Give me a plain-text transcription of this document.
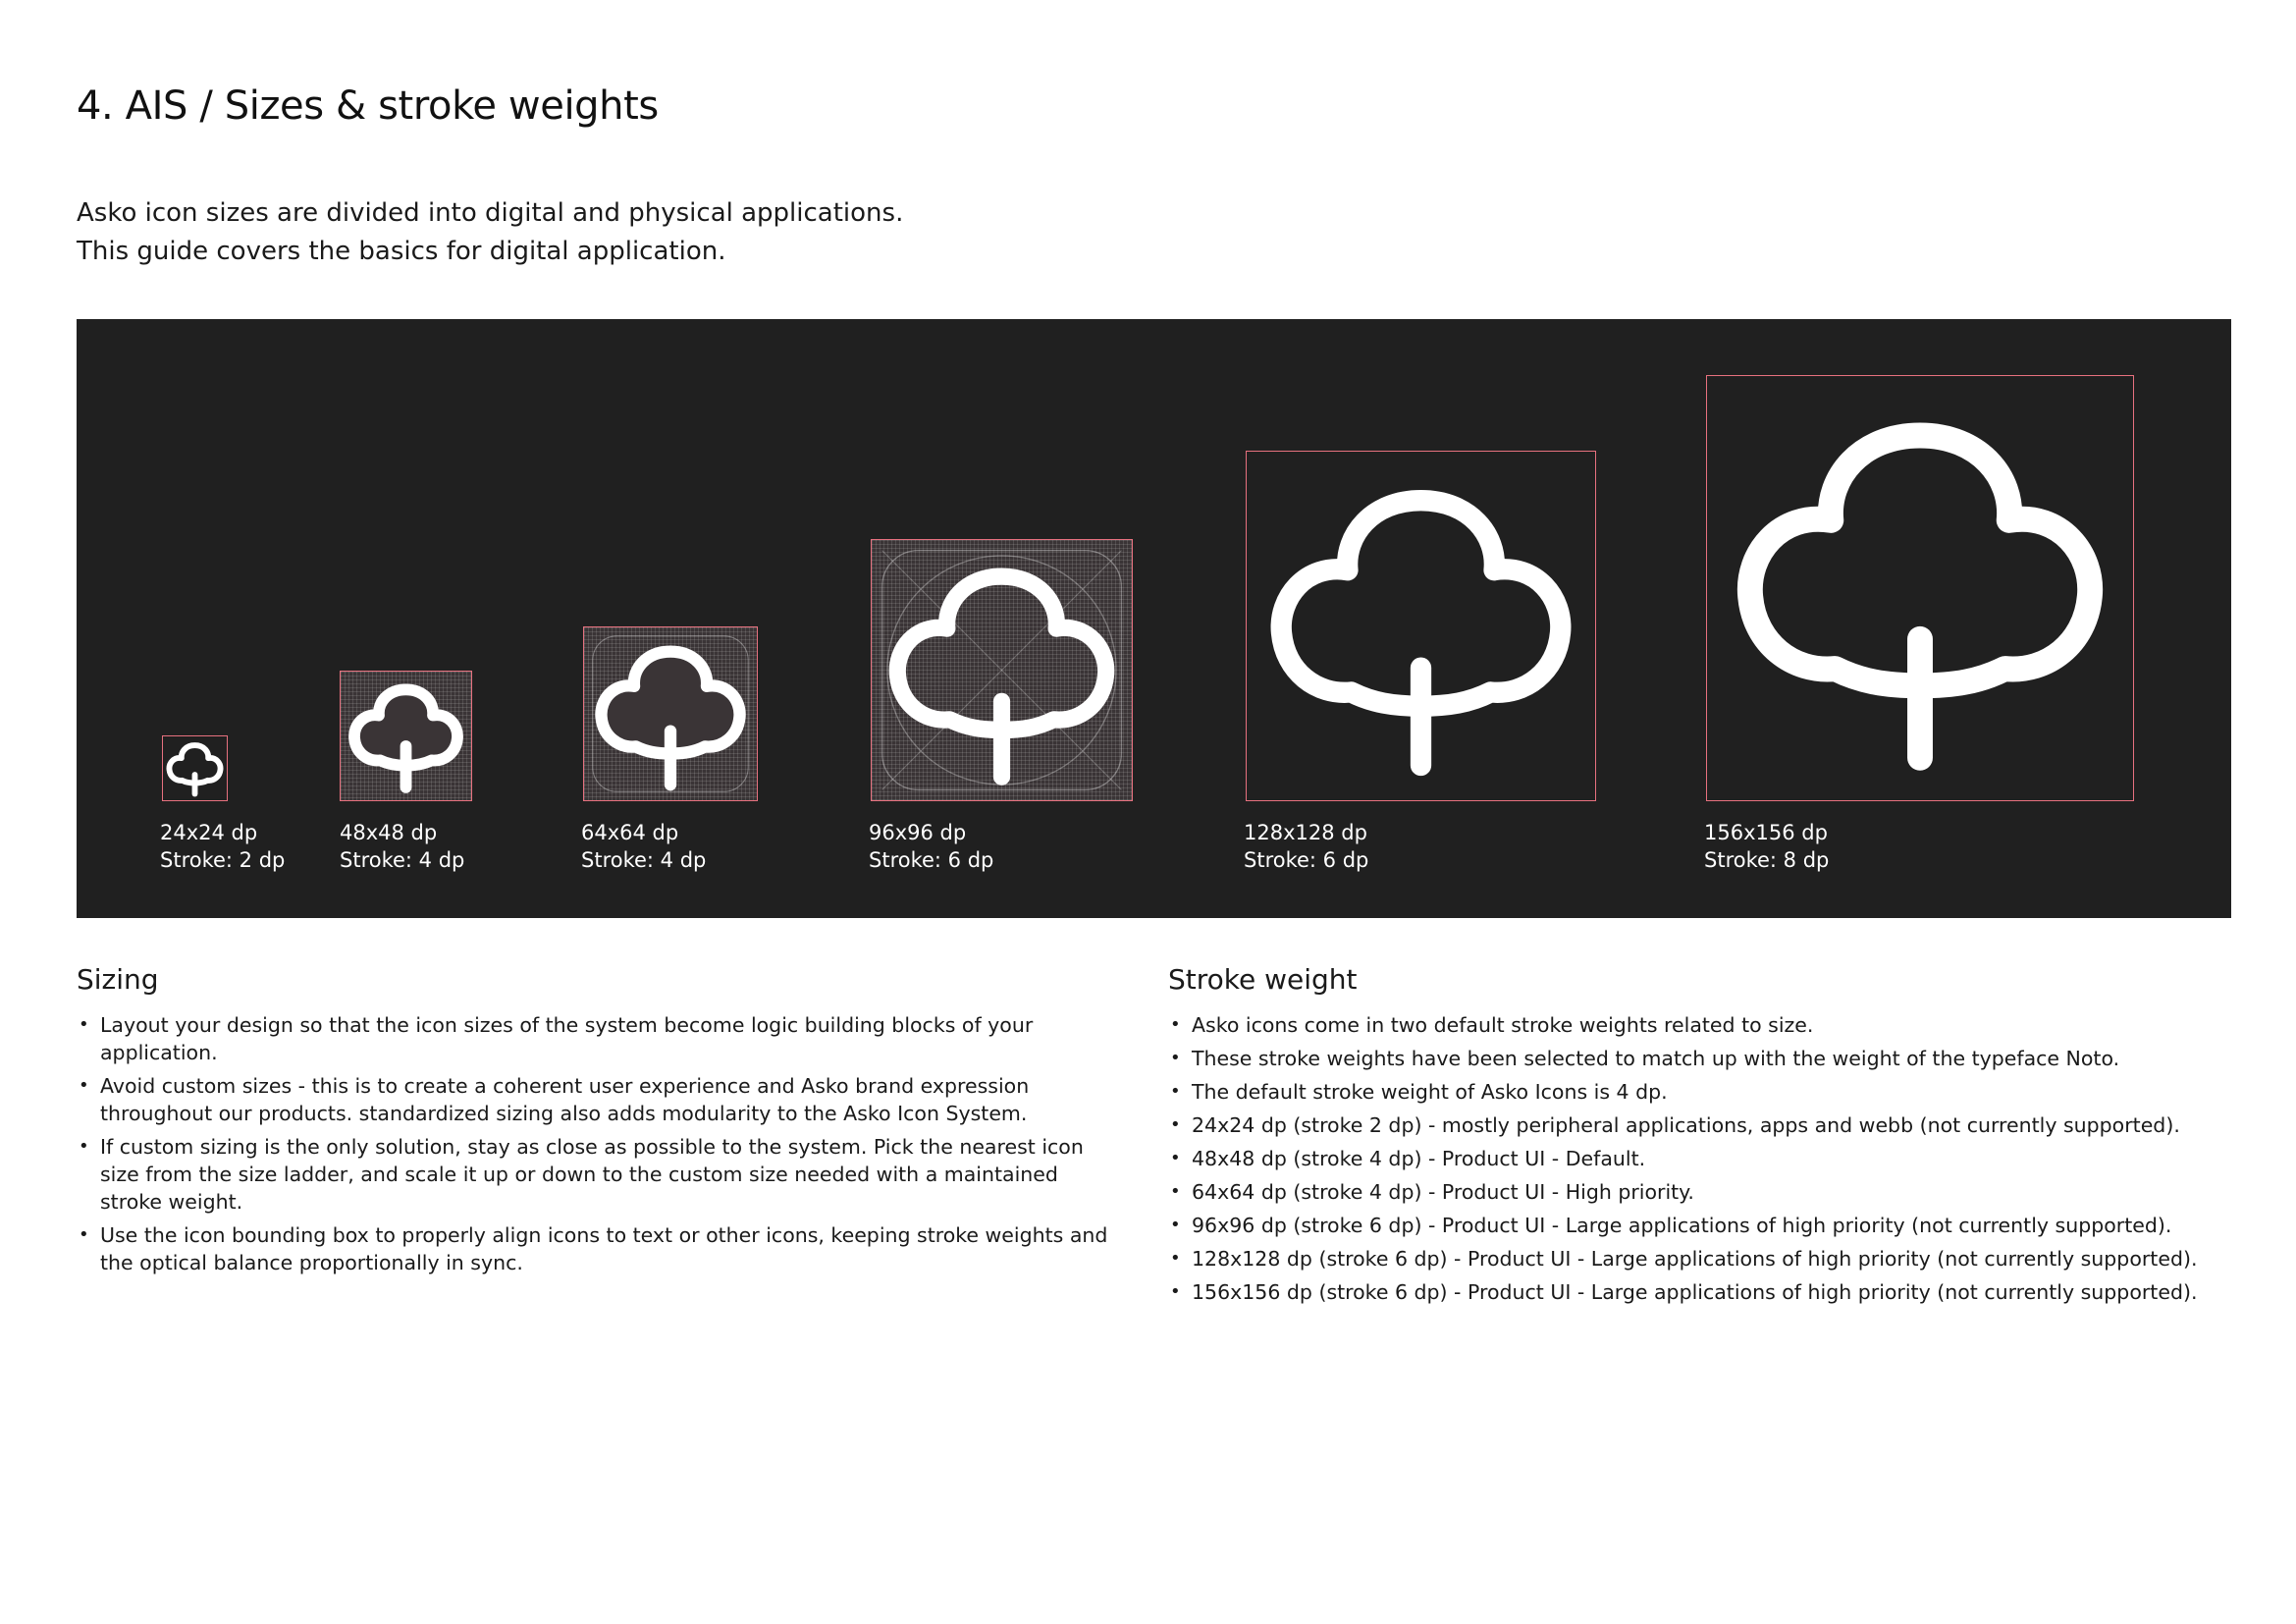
4. AIS / Sizes & stroke weights
Asko icon sizes are divided into digital and physical applications.
This guide covers the basics for digital application.
24x24 dp
Stroke: 2 dp
48x48 dp
Stroke: 4 dp
64x64 dp
Stroke: 4 dp
96x96 dp
Stroke: 6 dp
128x128 dp
Stroke: 6 dp
156x156 dp
Stroke: 8 dp
Sizing
• Layout your design so that the icon sizes of the system become logic building blocks of your application.
• Avoid custom sizes - this is to create a coherent user experience and Asko brand expression throughout our products. standardized sizing also adds modularity to the Asko Icon System.
• If custom sizing is the only solution, stay as close as possible to the system. Pick the nearest icon size from the size ladder, and scale it up or down to the custom size needed with a maintained stroke weight.
• Use the icon bounding box to properly align icons to text or other icons, keeping stroke weights and the optical balance proportionally in sync.
Stroke weight
• Asko icons come in two default stroke weights related to size.
• These stroke weights have been selected to match up with the weight of the typeface Noto.
• The default stroke weight of Asko Icons is 4 dp.
• 24x24 dp (stroke 2 dp) - mostly peripheral applications, apps and webb (not currently supported).
• 48x48 dp (stroke 4 dp) - Product UI - Default.
• 64x64 dp (stroke 4 dp) - Product UI - High priority.
• 96x96 dp (stroke 6 dp) - Product UI - Large applications of high priority (not currently supported).
• 128x128 dp (stroke 6 dp) - Product UI - Large applications of high priority (not currently supported).
• 156x156 dp (stroke 6 dp) - Product UI - Large applications of high priority (not currently supported).
